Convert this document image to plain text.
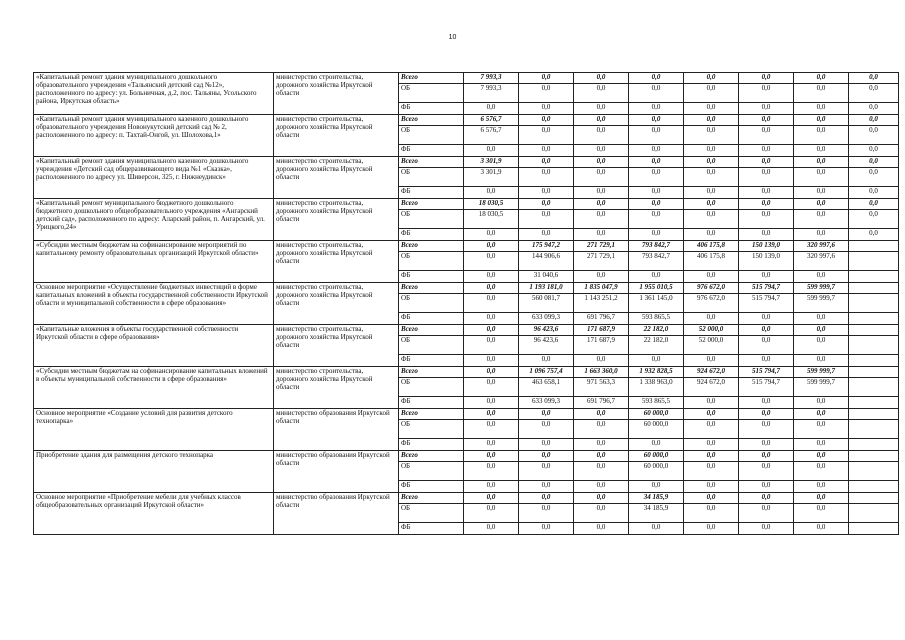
10
«Капитальный ремонт здания муниципального дошкольного образовательного учреждения «Тальянский детский сад №12», расположенного по адресу: ул. Больничная, д.2, пос. Тальяны, Усольского района, Иркутская область»	министерство строительства, дорожного хозяйства Иркутской области	Всего	7 993,3	0,0	0,0	0,0	0,0	0,0	0,0	0,0
		ОБ	7 993,3	0,0	0,0	0,0	0,0	0,0	0,0	0,0
		ФБ	0,0	0,0	0,0	0,0	0,0	0,0	0,0	0,0
«Капитальный ремонт здания муниципального казенного дошкольного образовательного учреждения Новонукутский детский сад № 2, расположенного по адресу: п. Тахтай-Онгой, ул. Шолохова,1»	министерство строительства, дорожного хозяйства Иркутской области	Всего	6 576,7	0,0	0,0	0,0	0,0	0,0	0,0	0,0
		ОБ	6 576,7	0,0	0,0	0,0	0,0	0,0	0,0	0,0
		ФБ	0,0	0,0	0,0	0,0	0,0	0,0	0,0	0,0
«Капитальный ремонт здания муниципального казенного дошкольного учреждения «Детский сад общеразвивающего вида №1 «Сказка», расположенного по адресу ул. Шиверсон, 325, г. Нижнеудинск»	министерство строительства, дорожного хозяйства Иркутской области	Всего	3 301,9	0,0	0,0	0,0	0,0	0,0	0,0	0,0
		ОБ	3 301,9	0,0	0,0	0,0	0,0	0,0	0,0	0,0
		ФБ	0,0	0,0	0,0	0,0	0,0	0,0	0,0	0,0
«Капитальный ремонт муниципального бюджетного дошкольного бюджетного дошкольного общеобразовательного учреждения «Ангарский детский сад», расположенного по адресу: Аларский район, п. Ангарский, ул. Урицкого,24»	министерство строительства, дорожного хозяйства Иркутской области	Всего	18 030,5	0,0	0,0	0,0	0,0	0,0	0,0	0,0
		ОБ	18 030,5	0,0	0,0	0,0	0,0	0,0	0,0	0,0
		ФБ	0,0	0,0	0,0	0,0	0,0	0,0	0,0	0,0
«Субсидии местным бюджетам на софинансирование мероприятий по капитальному ремонту образовательных организаций Иркутской области»	министерство строительства, дорожного хозяйства Иркутской области	Всего	0,0	175 947,2	271 729,1	793 842,7	406 175,8	150 139,0	320 997,6	
		ОБ	0,0	144 906,6	271 729,1	793 842,7	406 175,8	150 139,0	320 997,6	
		ФБ	0,0	31 040,6	0,0	0,0	0,0	0,0	0,0	
Основное мероприятие «Осуществление бюджетных инвестиций в форме капитальных вложений в объекты государственной собственности Иркутской области и муниципальной собственности в сфере образования»	министерство строительства, дорожного хозяйства Иркутской области	Всего	0,0	1 193 181,0	1 835 047,9	1 955 010,5	976 672,0	515 794,7	599 999,7	
		ОБ	0,0	560 081,7	1 143 251,2	1 361 145,0	976 672,0	515 794,7	599 999,7	
		ФБ	0,0	633 099,3	691 796,7	593 865,5	0,0	0,0	0,0	
«Капитальные вложения в объекты государственной собственности Иркутской области в сфере образования»	министерство строительства, дорожного хозяйства Иркутской области	Всего	0,0	96 423,6	171 687,9	22 182,0	52 000,0	0,0	0,0	
		ОБ	0,0	96 423,6	171 687,9	22 182,0	52 000,0	0,0	0,0	
		ФБ	0,0	0,0	0,0	0,0	0,0	0,0	0,0	
«Субсидии местным бюджетам на софинансирование капитальных вложений в объекты муниципальной собственности в сфере образования»	министерство строительства, дорожного хозяйства Иркутской области	Всего	0,0	1 096 757,4	1 663 360,0	1 932 828,5	924 672,0	515 794,7	599 999,7	
		ОБ	0,0	463 658,1	971 563,3	1 338 963,0	924 672,0	515 794,7	599 999,7	
		ФБ	0,0	633 099,3	691 796,7	593 865,5	0,0	0,0	0,0	
Основное мероприятие «Создание условий для развития детского технопарка»	министерство образования Иркутской области	Всего	0,0	0,0	0,0	60 000,0	0,0	0,0	0,0	
		ОБ	0,0	0,0	0,0	60 000,0	0,0	0,0	0,0	
		ФБ	0,0	0,0	0,0	0,0	0,0	0,0	0,0	
Приобретение здания для размещения детского технопарка	министерство образования Иркутской области	Всего	0,0	0,0	0,0	60 000,0	0,0	0,0	0,0	
		ОБ	0,0	0,0	0,0	60 000,0	0,0	0,0	0,0	
		ФБ	0,0	0,0	0,0	0,0	0,0	0,0	0,0	
Основное мероприятие «Приобретение мебели для учебных классов общеобразовательных организаций Иркутской области»	министерство образования Иркутской области	Всего	0,0	0,0	0,0	34 185,9	0,0	0,0	0,0	
		ОБ	0,0	0,0	0,0	34 185,9	0,0	0,0	0,0	
		ФБ	0,0	0,0	0,0	0,0	0,0	0,0	0,0	
